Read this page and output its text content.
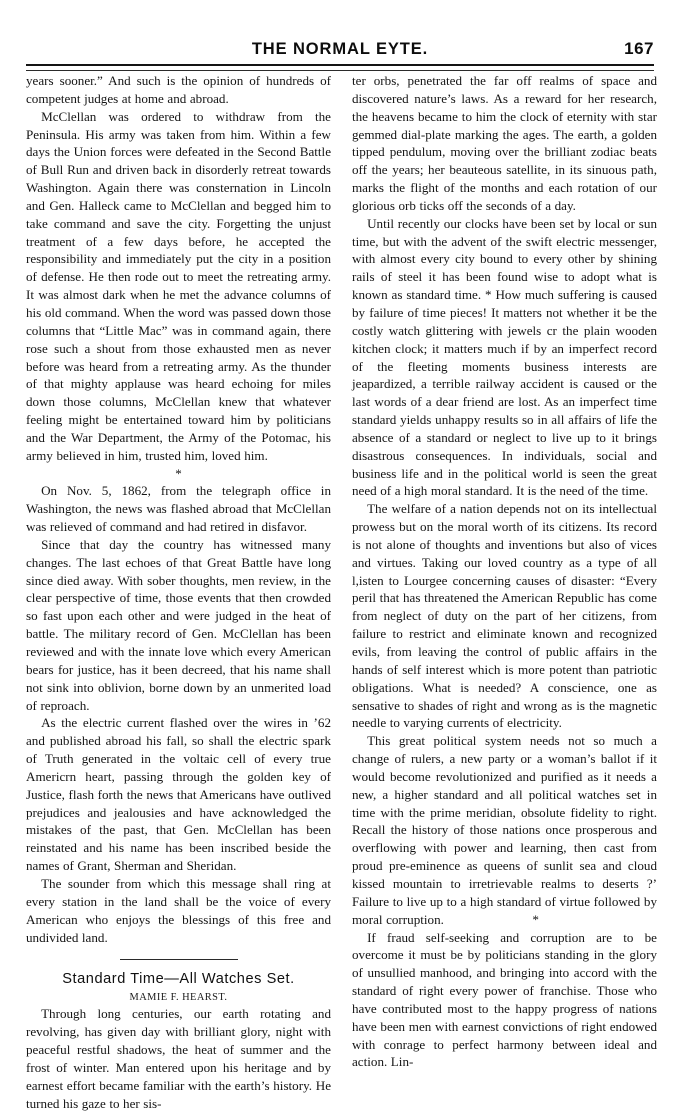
THE NORMAL EYTE.	167

years sooner.” And such is the opinion of hundreds of competent judges at home and abroad.

McClellan was ordered to withdraw from the Peninsula. His army was taken from him. Within a few days the Union forces were defeated in the Second Battle of Bull Run and driven back in disorderly retreat towards Washington. Again there was consternation in Lincoln and Gen. Halleck came to McClellan and begged him to take command and save the city. Forgetting the unjust treatment of a few days before, he accepted the responsibility and immediately put the city in a position of defense. He then rode out to meet the retreating army. It was almost dark when he met the advance columns of his old command. When the word was passed down those columns that “Little Mac” was in command again, there rose such a shout from those exhausted men as never before was heard from a retreating army. As the thunder of that mighty applause was heard echoing for miles down those columns, McClellan knew that whatever feeling might be entertained toward him by politicians and the War Department, the Army of the Potomac, his army believed in him, trusted him, loved him.

*

On Nov. 5, 1862, from the telegraph office in Washington, the news was flashed abroad that McClellan was relieved of command and had retired in disfavor.

Since that day the country has witnessed many changes. The last echoes of that Great Battle have long since died away. With sober thoughts, men review, in the clear perspective of time, those events that then crowded so fast upon each other and were judged in the heat of battle. The military record of Gen. McClellan has been reviewed and with the innate love which every American bears for justice, has it been decreed, that his name shall not sink into oblivion, borne down by an unmerited load of reproach.

As the electric current flashed over the wires in ’62 and published abroad his fall, so shall the electric spark of Truth generated in the voltaic cell of every true Americrn heart, passing through the golden key of Justice, flash forth the news that Americans have outlived prejudices and jealousies and have acknowledged the mistakes of the past, that Gen. McClellan has been reinstated and his name has been inscribed beside the names of Grant, Sherman and Sheridan.

The sounder from which this message shall ring at every station in the land shall be the voice of every American who enjoys the blessings of this free and undivided land.

Standard Time—All Watches Set.
MAMIE F. HEARST.

Through long centuries, our earth rotating and revolving, has given day with brilliant glory, night with peaceful restful shadows, the heat of summer and the frost of winter. Man entered upon his heritage and by earnest effort became familiar with the earth’s history. He turned his gaze to her sis-

ter orbs, penetrated the far off realms of space and discovered nature’s laws. As a reward for her research, the heavens became to him the clock of eternity with star gemmed dial-plate marking the ages. The earth, a golden tipped pendulum, moving over the brilliant zodiac beats off the years; her beauteous satellite, in its sinuous path, marks the flight of the months and each rotation of our glorious orb ticks off the seconds of a day.

Until recently our clocks have been set by local or sun time, but with the advent of the swift electric messenger, with almost every city bound to every other by shining rails of steel it has been found wise to adopt what is known as standard time. * How much suffering is caused by failure of time pieces! It matters not whether it be the costly watch glittering with jewels cr the plain wooden kitchen clock; it matters much if by an imperfect record of the fleeting moments business interests are jeapardized, a terrible railway accident is caused or the last words of a dear friend are lost. As an imperfect time standard yields unhappy results so in all affairs of life the absence of a standard or neglect to live up to it brings disastrous consequences. In individuals, social and business life and in the political world is seen the great need of a high moral standard. It is the need of the time.

The welfare of a nation depends not on its intellectual prowess but on the moral worth of its citizens. Its record is not alone of thoughts and inventions but also of vices and virtues. Taking our loved country as a type of all l,isten to Lourgee concerning causes of disaster: “Every peril that has threatened the American Republic has come from neglect of duty on the part of her citizens, from failure to restrict and eliminate known and recognized evils, from leaving the control of public affairs in the hands of self interest which is more potent than patriotic obligations. What is needed? A conscience, one as sensative to shades of right and wrong as is the magnetic needle to varying currents of electricity.

This great political system needs not so much a change of rulers, a new party or a woman’s ballot if it would become revolutionized and purified as it needs a new, a higher standard and all political watches set in time with the prime meridian, obsolute fidelity to right. Recall the history of those nations once prosperous and overflowing with power and learning, then cast from proud pre-eminence as queens of sunlit sea and cloud kissed mountain to irretrievable realms to deserts ?’ Failure to live up to a high standard of virtue followed by moral corruption.	*

If fraud self-seeking and corruption are to be overcome it must be by politicians standing in the glory of unsullied manhood, and bringing into accord with the standard of right every power of franchise. Those who have contributed most to the happy progress of nations have been men with earnest convictions of right endowed with conrage to perfect harmony between ideal and action. Lin-
